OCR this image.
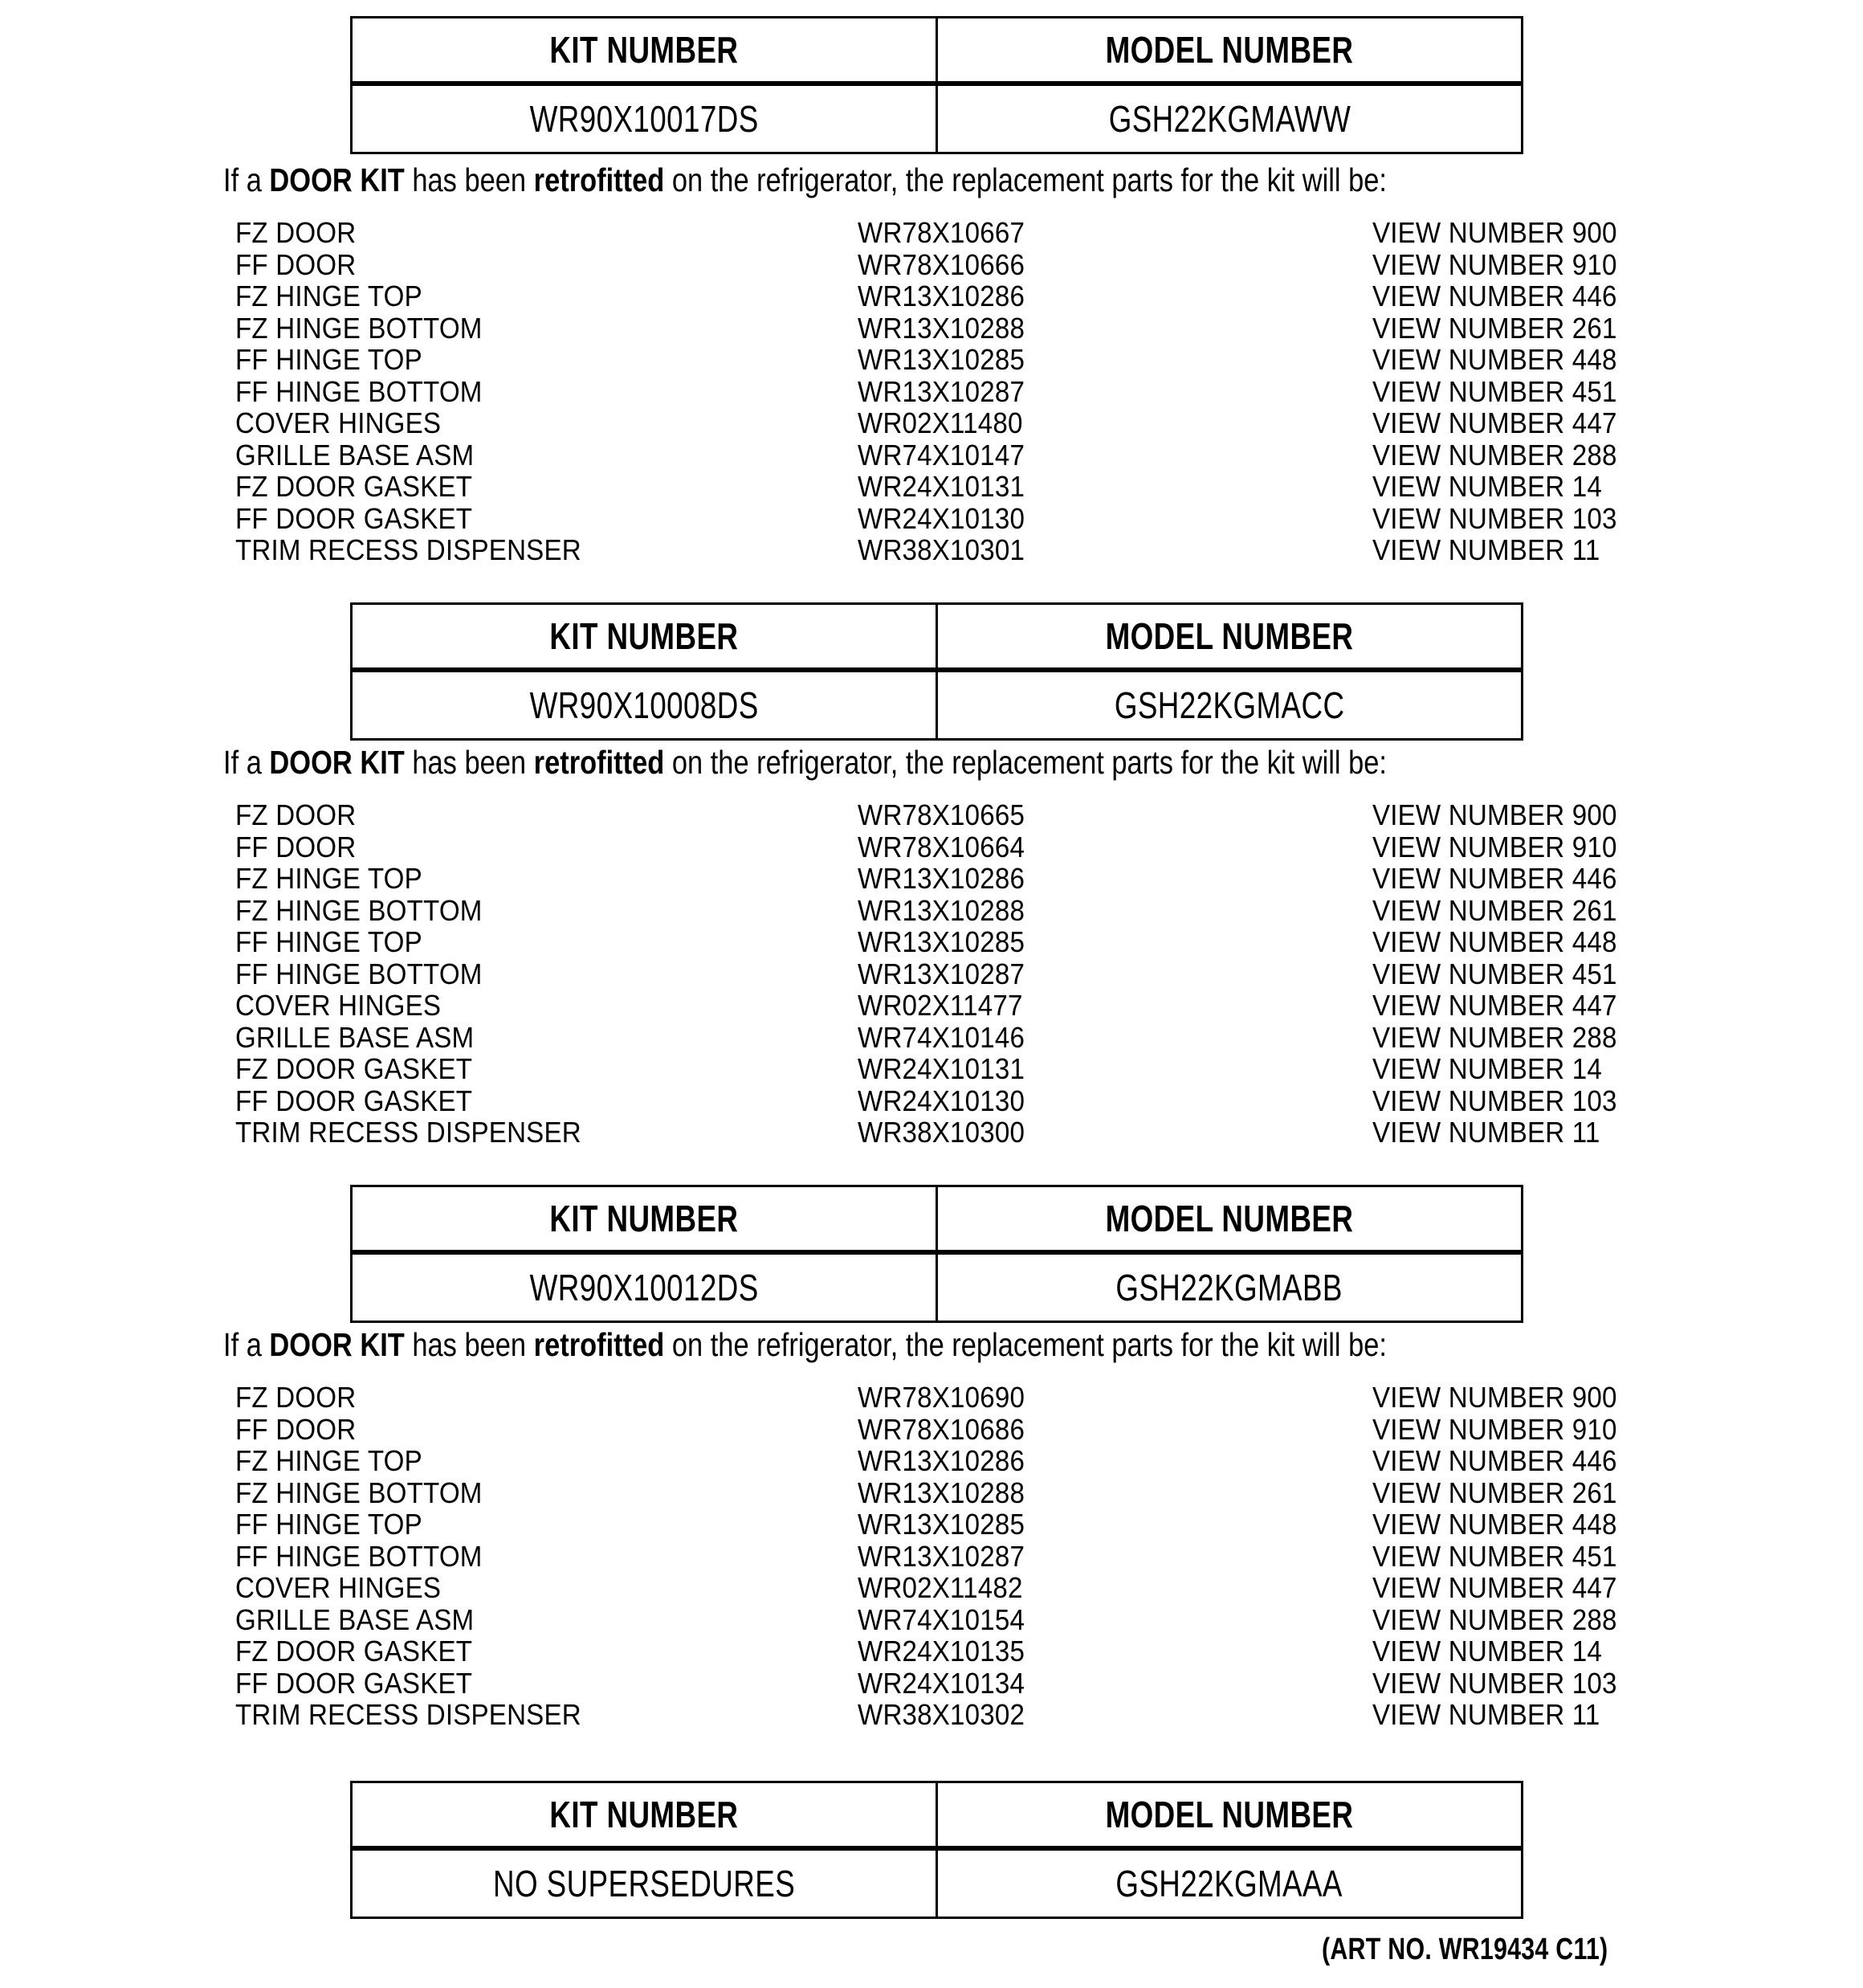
KIT NUMBER	MODEL NUMBER
WR90X10017DS	GSH22KGMAWW
If a DOOR KIT has been retrofitted on the refrigerator, the replacement parts for the kit will be:
FZ DOOR	WR78X10667	VIEW NUMBER 900
FF DOOR	WR78X10666	VIEW NUMBER 910
FZ HINGE TOP	WR13X10286	VIEW NUMBER 446
FZ HINGE BOTTOM	WR13X10288	VIEW NUMBER 261
FF HINGE TOP	WR13X10285	VIEW NUMBER 448
FF HINGE BOTTOM	WR13X10287	VIEW NUMBER 451
COVER HINGES	WR02X11480	VIEW NUMBER 447
GRILLE BASE ASM	WR74X10147	VIEW NUMBER 288
FZ DOOR GASKET	WR24X10131	VIEW NUMBER 14
FF DOOR GASKET	WR24X10130	VIEW NUMBER 103
TRIM RECESS DISPENSER	WR38X10301	VIEW NUMBER 11
KIT NUMBER	MODEL NUMBER
WR90X10008DS	GSH22KGMACC
If a DOOR KIT has been retrofitted on the refrigerator, the replacement parts for the kit will be:
FZ DOOR	WR78X10665	VIEW NUMBER 900
FF DOOR	WR78X10664	VIEW NUMBER 910
FZ HINGE TOP	WR13X10286	VIEW NUMBER 446
FZ HINGE BOTTOM	WR13X10288	VIEW NUMBER 261
FF HINGE TOP	WR13X10285	VIEW NUMBER 448
FF HINGE BOTTOM	WR13X10287	VIEW NUMBER 451
COVER HINGES	WR02X11477	VIEW NUMBER 447
GRILLE BASE ASM	WR74X10146	VIEW NUMBER 288
FZ DOOR GASKET	WR24X10131	VIEW NUMBER 14
FF DOOR GASKET	WR24X10130	VIEW NUMBER 103
TRIM RECESS DISPENSER	WR38X10300	VIEW NUMBER 11
KIT NUMBER	MODEL NUMBER
WR90X10012DS	GSH22KGMABB
If a DOOR KIT has been retrofitted on the refrigerator, the replacement parts for the kit will be:
FZ DOOR	WR78X10690	VIEW NUMBER 900
FF DOOR	WR78X10686	VIEW NUMBER 910
FZ HINGE TOP	WR13X10286	VIEW NUMBER 446
FZ HINGE BOTTOM	WR13X10288	VIEW NUMBER 261
FF HINGE TOP	WR13X10285	VIEW NUMBER 448
FF HINGE BOTTOM	WR13X10287	VIEW NUMBER 451
COVER HINGES	WR02X11482	VIEW NUMBER 447
GRILLE BASE ASM	WR74X10154	VIEW NUMBER 288
FZ DOOR GASKET	WR24X10135	VIEW NUMBER 14
FF DOOR GASKET	WR24X10134	VIEW NUMBER 103
TRIM RECESS DISPENSER	WR38X10302	VIEW NUMBER 11
KIT NUMBER	MODEL NUMBER
NO SUPERSEDURES	GSH22KGMAAA
(ART NO. WR19434 C11)
